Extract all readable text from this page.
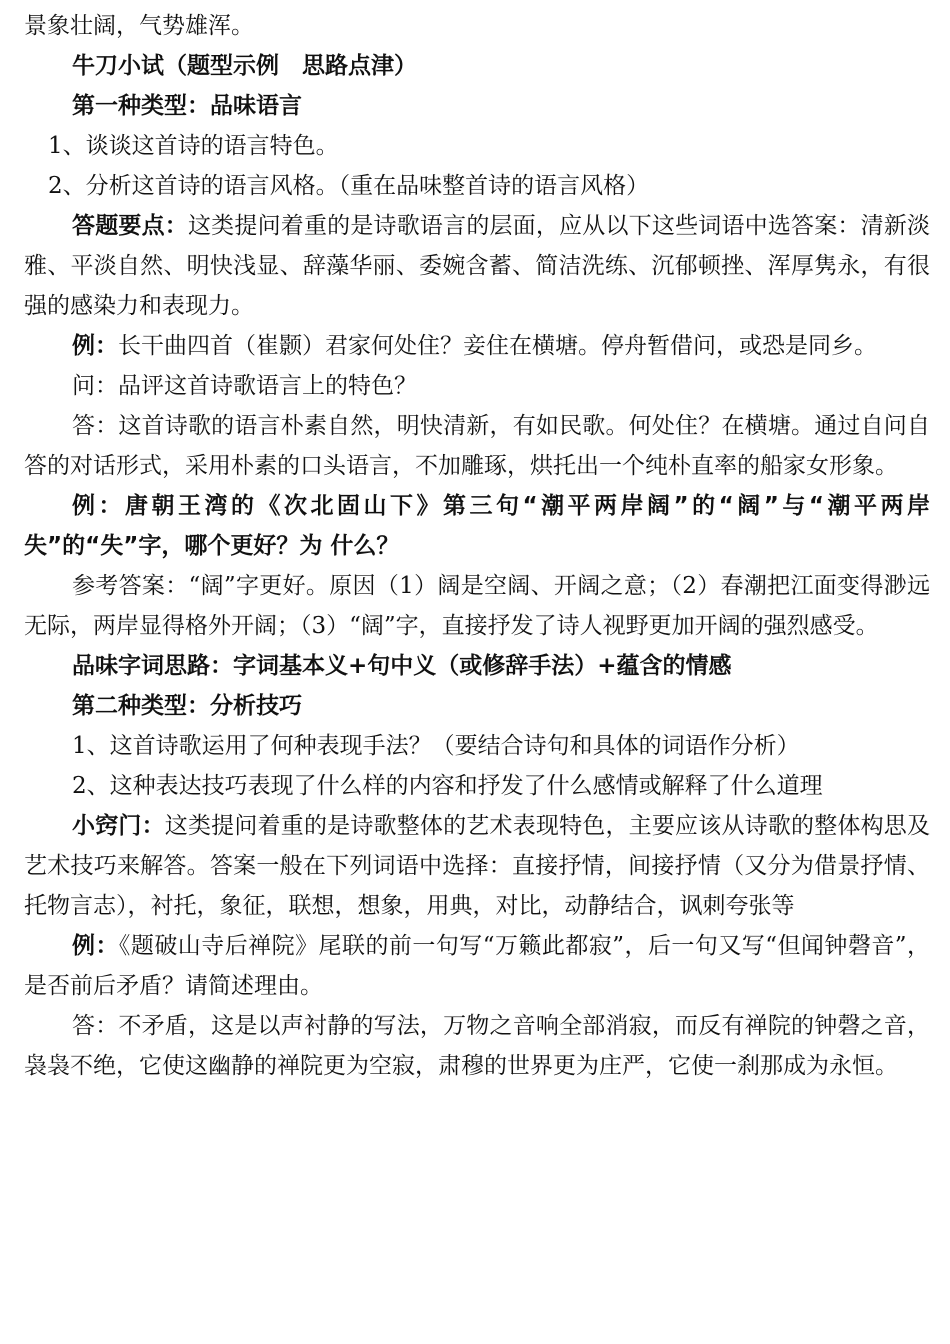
景象壮阔，气势雄浑。

牛刀小试（题型示例　思路点津）

第一种类型：品味语言

1、谈谈这首诗的语言特色。

2、分析这首诗的语言风格。（重在品味整首诗的语言风格）

答题要点：这类提问着重的是诗歌语言的层面，应从以下这些词语中选答案：清新淡雅、平淡自然、明快浅显、辞藻华丽、委婉含蓄、简洁洗练、沉郁顿挫、浑厚隽永，有很强的感染力和表现力。

例：长干曲四首（崔颢）君家何处住？妾住在横塘。停舟暂借问，或恐是同乡。

问：品评这首诗歌语言上的特色？

答：这首诗歌的语言朴素自然，明快清新，有如民歌。何处住？在横塘。通过自问自答的对话形式，采用朴素的口头语言，不加雕琢，烘托出一个纯朴直率的船家女形象。

例：唐朝王湾的《次北固山下》第三句“潮平两岸阔”的“阔”与“潮平两岸失”的“失”字，哪个更好？为 什么？

参考答案：“阔”字更好。原因（1）阔是空阔、开阔之意；（2）春潮把江面变得渺远无际，两岸显得格外开阔；（3）“阔”字，直接抒发了诗人视野更加开阔的强烈感受。

品味字词思路：字词基本义+句中义（或修辞手法）+蕴含的情感

第二种类型：分析技巧

1、这首诗歌运用了何种表现手法？（要结合诗句和具体的词语作分析）

2、这种表达技巧表现了什么样的内容和抒发了什么感情或解释了什么道理

小窍门：这类提问着重的是诗歌整体的艺术表现特色，主要应该从诗歌的整体构思及艺术技巧来解答。答案一般在下列词语中选择：直接抒情，间接抒情（又分为借景抒情、托物言志），衬托，象征，联想，想象，用典，对比，动静结合，讽刺夸张等

例：《题破山寺后禅院》尾联的前一句写“万籁此都寂”，后一句又写“但闻钟磬音”，是否前后矛盾？请简述理由。

答：不矛盾，这是以声衬静的写法，万物之音响全部消寂，而反有禅院的钟磬之音，袅袅不绝，它使这幽静的禅院更为空寂，肃穆的世界更为庄严，它使一刹那成为永恒。
